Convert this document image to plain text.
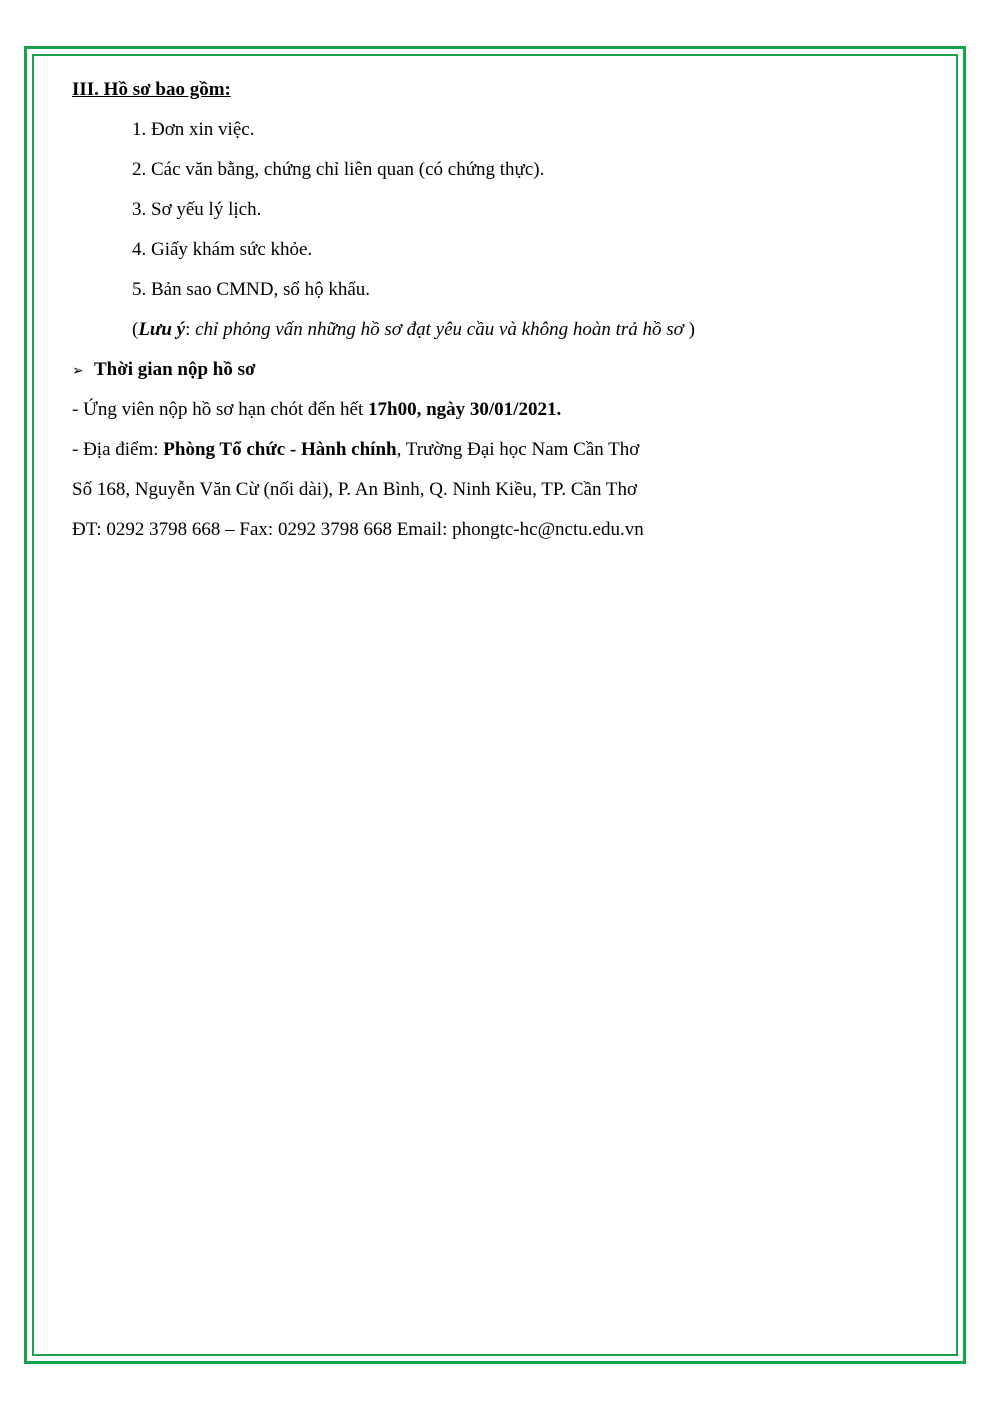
III. Hồ sơ bao gồm:
1. Đơn xin việc.
2. Các văn bằng, chứng chỉ liên quan (có chứng thực).
3. Sơ yếu lý lịch.
4. Giấy khám sức khỏe.
5. Bản sao CMND, sổ hộ khẩu.
(Lưu ý: chỉ phỏng vấn những hồ sơ đạt yêu cầu và không hoàn trả hồ sơ )
➢ Thời gian nộp hồ sơ
- Ứng viên nộp hồ sơ hạn chót đến hết 17h00, ngày 30/01/2021.
- Địa điểm: Phòng Tổ chức - Hành chính, Trường Đại học Nam Cần Thơ
Số 168, Nguyễn Văn Cừ (nối dài), P. An Bình, Q. Ninh Kiều, TP. Cần Thơ
ĐT: 0292 3798 668 – Fax: 0292 3798 668 Email: phongtc-hc@nctu.edu.vn
